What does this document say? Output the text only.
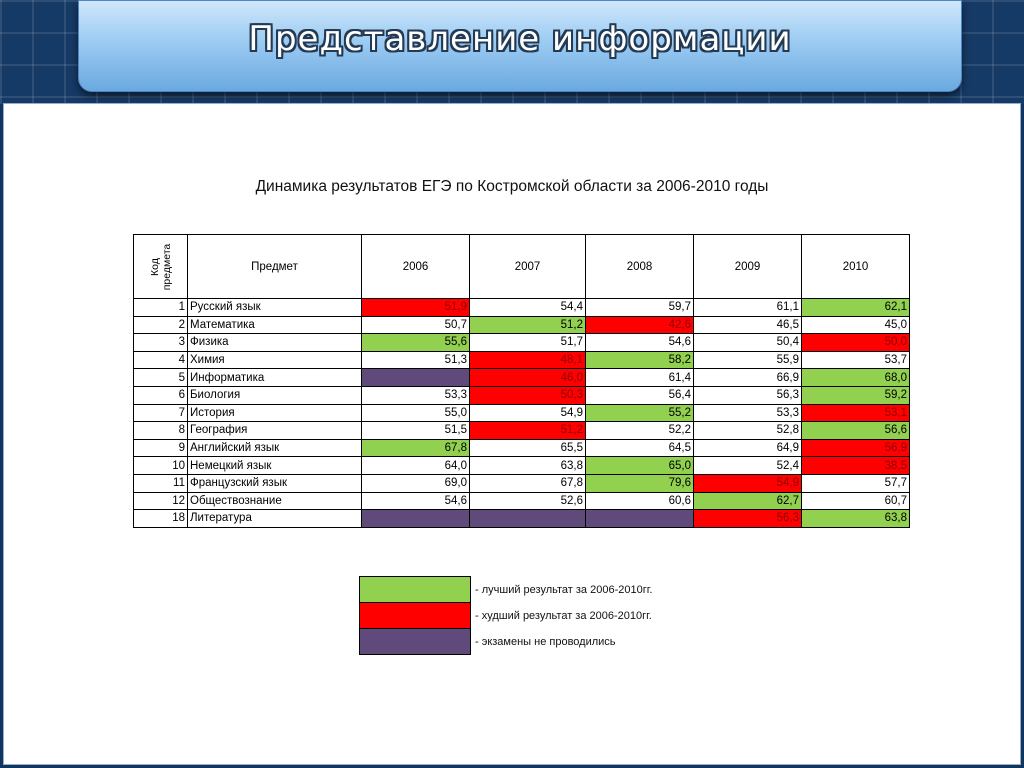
Представление информации
Динамика результатов ЕГЭ по Костромской области за 2006-2010 годы
Код предмета	Предмет	2006	2007	2008	2009	2010
1	Русский язык	51,9	54,4	59,7	61,1	62,1
2	Математика	50,7	51,2	42,6	46,5	45,0
3	Физика	55,6	51,7	54,6	50,4	50,0
4	Химия	51,3	48,1	58,2	55,9	53,7
5	Информатика		46,0	61,4	66,9	68,0
6	Биология	53,3	50,3	56,4	56,3	59,2
7	История	55,0	54,9	55,2	53,3	53,1
8	География	51,5	51,2	52,2	52,8	56,6
9	Английский язык	67,8	65,5	64,5	64,9	56,9
10	Немецкий язык	64,0	63,8	65,0	52,4	38,5
11	Французский язык	69,0	67,8	79,6	54,9	57,7
12	Обществознание	54,6	52,6	60,6	62,7	60,7
18	Литература				56,3	63,8
	- лучший результат за 2006-2010гг.
	- худший результат за 2006-2010гг.
	- экзамены не проводились
